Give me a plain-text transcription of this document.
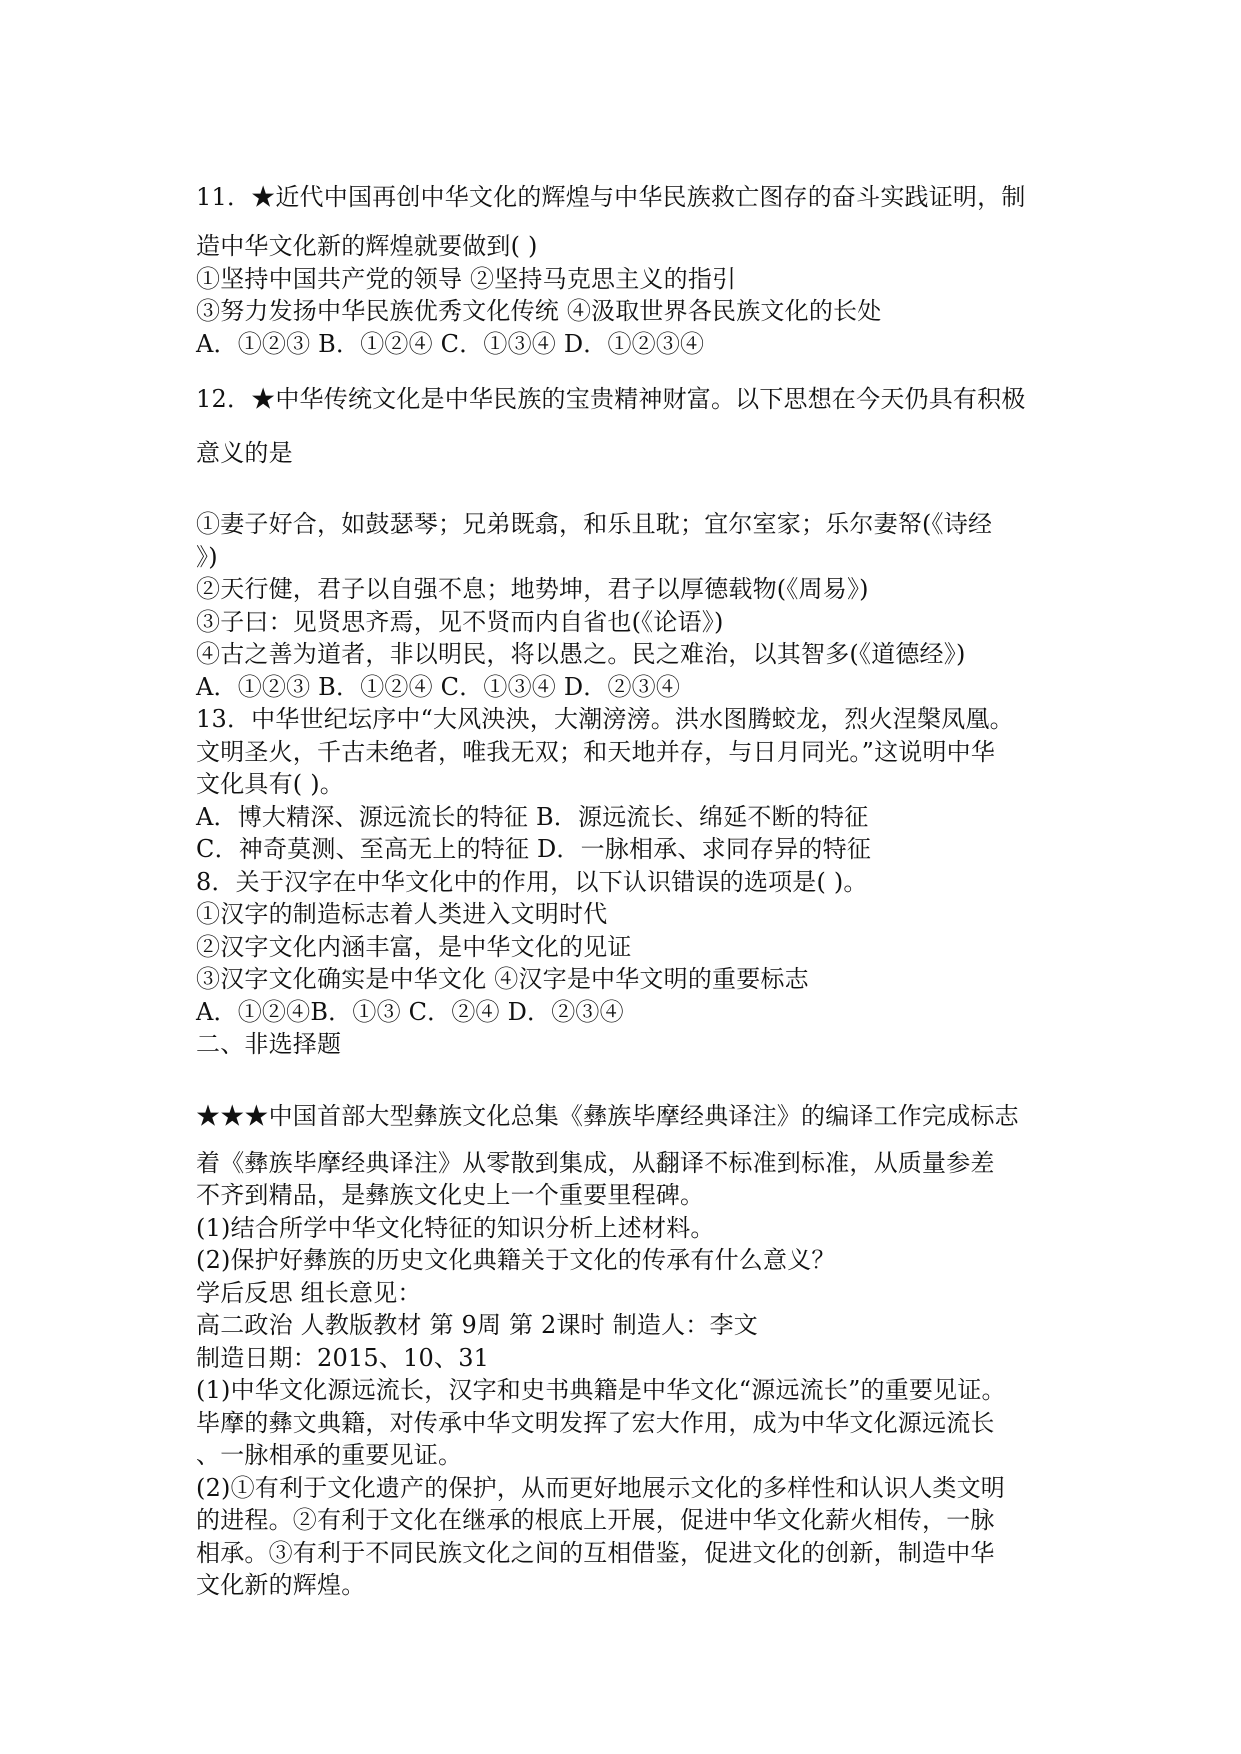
11．★近代中国再创中华文化的辉煌与中华民族救亡图存的奋斗实践证明，制
造中华文化新的辉煌就要做到( )
①坚持中国共产党的领导 ②坚持马克思主义的指引
③努力发扬中华民族优秀文化传统 ④汲取世界各民族文化的长处
A．①②③ B．①②④ C．①③④ D．①②③④
12．★中华传统文化是中华民族的宝贵精神财富。以下思想在今天仍具有积极
意义的是
①妻子好合，如鼓瑟琴；兄弟既翕，和乐且耽；宜尔室家；乐尔妻帑(《诗经
》)
②天行健，君子以自强不息；地势坤，君子以厚德载物(《周易》)
③子曰：见贤思齐焉，见不贤而内自省也(《论语》)
④古之善为道者，非以明民，将以愚之。民之难治，以其智多(《道德经》)
A．①②③ B．①②④ C．①③④ D．②③④
13．中华世纪坛序中“大风泱泱，大潮滂滂。洪水图腾蛟龙，烈火涅槃凤凰。
文明圣火，千古未绝者，唯我无双；和天地并存，与日月同光。”这说明中华
文化具有( )。
A．博大精深、源远流长的特征 B．源远流长、绵延不断的特征
C．神奇莫测、至高无上的特征 D．一脉相承、求同存异的特征
8．关于汉字在中华文化中的作用，以下认识错误的选项是( )。
①汉字的制造标志着人类进入文明时代
②汉字文化内涵丰富，是中华文化的见证
③汉字文化确实是中华文化 ④汉字是中华文明的重要标志
A．①②④B．①③ C．②④ D．②③④
二、非选择题
★★★中国首部大型彝族文化总集《彝族毕摩经典译注》的编译工作完成标志
着《彝族毕摩经典译注》从零散到集成，从翻译不标准到标准，从质量参差
不齐到精品，是彝族文化史上一个重要里程碑。
(1)结合所学中华文化特征的知识分析上述材料。
(2)保护好彝族的历史文化典籍关于文化的传承有什么意义？
学后反思 组长意见：
高二政治 人教版教材 第 9周 第 2课时 制造人：李文
制造日期：2015、10、31
(1)中华文化源远流长，汉字和史书典籍是中华文化“源远流长”的重要见证。
毕摩的彝文典籍，对传承中华文明发挥了宏大作用，成为中华文化源远流长
、一脉相承的重要见证。
(2)①有利于文化遗产的保护，从而更好地展示文化的多样性和认识人类文明
的进程。②有利于文化在继承的根底上开展，促进中华文化薪火相传，一脉
相承。③有利于不同民族文化之间的互相借鉴，促进文化的创新，制造中华
文化新的辉煌。
